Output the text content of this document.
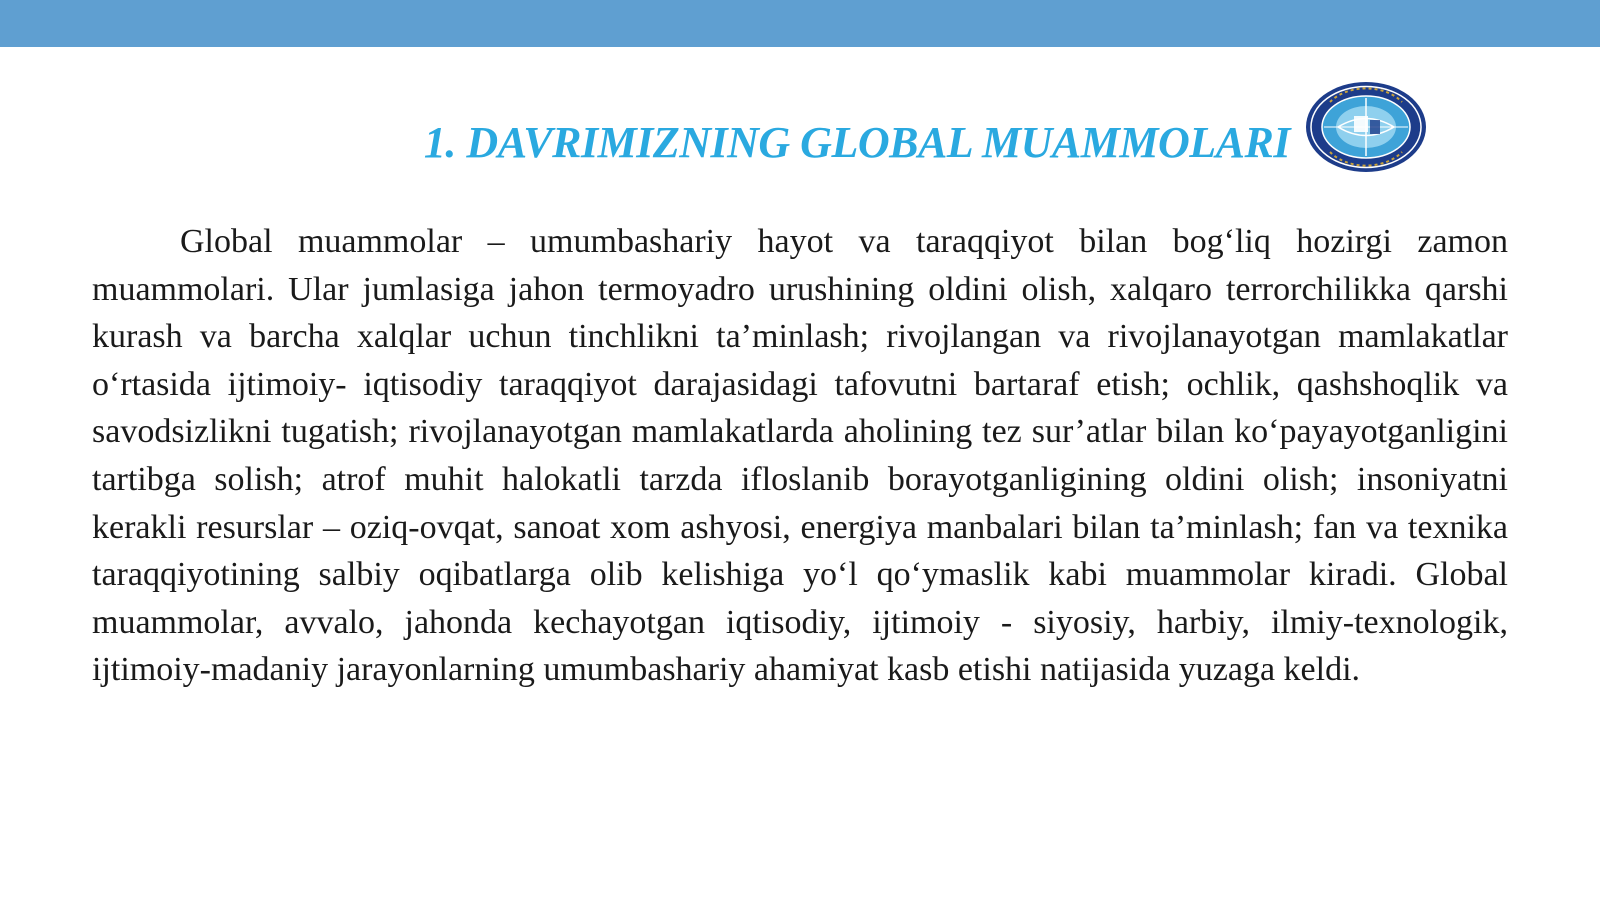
1. DAVRIMIZNING GLOBAL MUAMMOLARI

Global muammolar – umumbashariy hayot va taraqqiyot bilan bog‘liq hozirgi zamon muammolari. Ular jumlasiga jahon termoyadro urushining oldini olish, xalqaro terrorchilikka qarshi kurash va barcha xalqlar uchun tinchlikni ta’minlash; rivojlangan va rivojlanayotgan mamlakatlar o‘rtasida ijtimoiy- iqtisodiy taraqqiyot darajasidagi tafovutni bartaraf etish; ochlik, qashshoqlik va savodsizlikni tugatish; rivojlanayotgan mamlakatlarda aholining tez sur’atlar bilan ko‘payayotganligini tartibga solish; atrof muhit halokatli tarzda ifloslanib borayotganligining oldini olish; insoniyatni kerakli resurslar – oziq-ovqat, sanoat xom ashyosi, energiya manbalari bilan ta’minlash; fan va texnika taraqqiyotining salbiy oqibatlarga olib kelishiga yo‘l qo‘ymaslik kabi muammolar kiradi. Global muammolar, avvalo, jahonda kechayotgan iqtisodiy, ijtimoiy - siyosiy, harbiy, ilmiy-texnologik, ijtimoiy-madaniy jarayonlarning umumbashariy ahamiyat kasb etishi natijasida yuzaga keldi.
